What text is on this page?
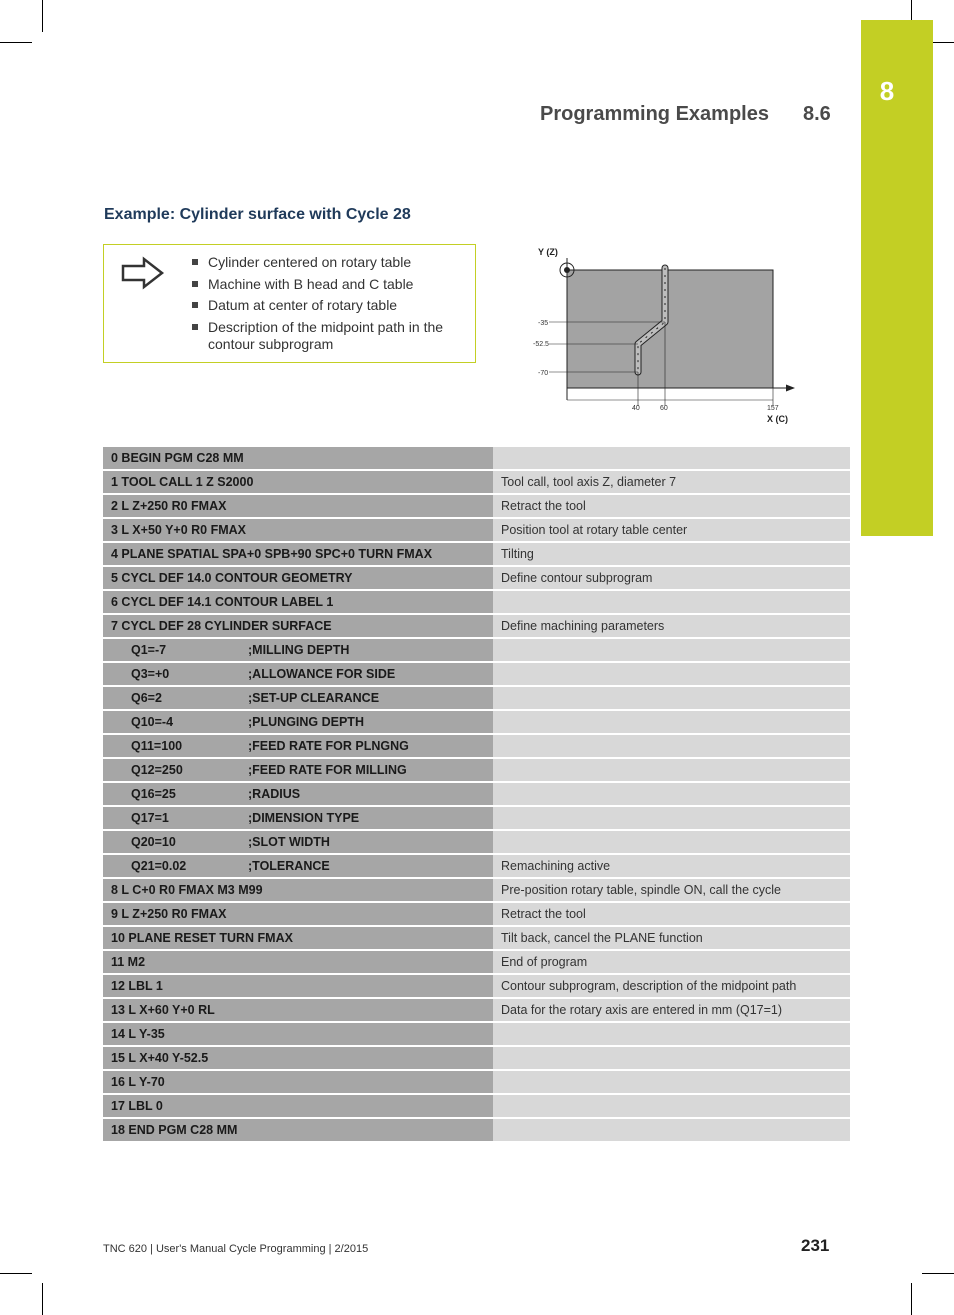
8
Programming Examples 8.6
Example: Cylinder surface with Cycle 28
Cylinder centered on rotary table
Machine with B head and C table
Datum at center of rotary table
Description of the midpoint path in the contour subprogram
Y (Z)
X (C)
-35
-52.5
-70
40	60	157
0 BEGIN PGM C28 MM	
1 TOOL CALL 1 Z S2000	Tool call, tool axis Z, diameter 7
2 L Z+250 R0 FMAX	Retract the tool
3 L X+50 Y+0 R0 FMAX	Position tool at rotary table center
4 PLANE SPATIAL SPA+0 SPB+90 SPC+0 TURN FMAX	Tilting
5 CYCL DEF 14.0 CONTOUR GEOMETRY	Define contour subprogram
6 CYCL DEF 14.1 CONTOUR LABEL 1	
7 CYCL DEF 28 CYLINDER SURFACE	Define machining parameters
Q1=-7 ;MILLING DEPTH	
Q3=+0 ;ALLOWANCE FOR SIDE	
Q6=2 ;SET-UP CLEARANCE	
Q10=-4 ;PLUNGING DEPTH	
Q11=100 ;FEED RATE FOR PLNGNG	
Q12=250 ;FEED RATE FOR MILLING	
Q16=25 ;RADIUS	
Q17=1 ;DIMENSION TYPE	
Q20=10 ;SLOT WIDTH	
Q21=0.02 ;TOLERANCE	Remachining active
8 L C+0 R0 FMAX M3 M99	Pre-position rotary table, spindle ON, call the cycle
9 L Z+250 R0 FMAX	Retract the tool
10 PLANE RESET TURN FMAX	Tilt back, cancel the PLANE function
11 M2	End of program
12 LBL 1	Contour subprogram, description of the midpoint path
13 L X+60 Y+0 RL	Data for the rotary axis are entered in mm (Q17=1)
14 L Y-35	
15 L X+40 Y-52.5	
16 L Y-70	
17 LBL 0	
18 END PGM C28 MM	
TNC 620 | User's Manual Cycle Programming | 2/2015	231
